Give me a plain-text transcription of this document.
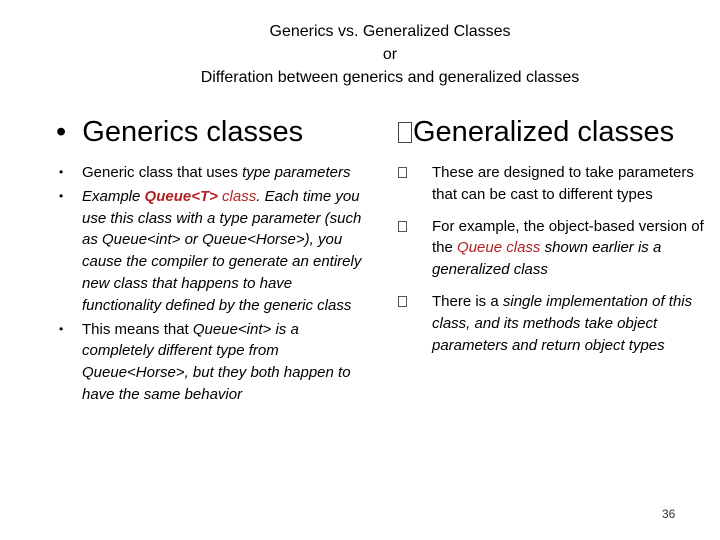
Generics vs. Generalized Classes
or
Differation between generics and generalized classes
• Generics classes	Generalized classes
• Generic class that uses type parameters
• Example Queue<T> class. Each time you use this class with a type parameter (such as Queue<int> or Queue<Horse>), you cause the compiler to generate an entirely new class that happens to have functionality defined by the generic class
• This means that Queue<int> is a completely different type from Queue<Horse>, but they both happen to have the same behavior
These are designed to take parameters that can be cast to different types
For example, the object-based version of the Queue class shown earlier is a generalized class
There is a single implementation of this class, and its methods take object parameters and return object types
36
